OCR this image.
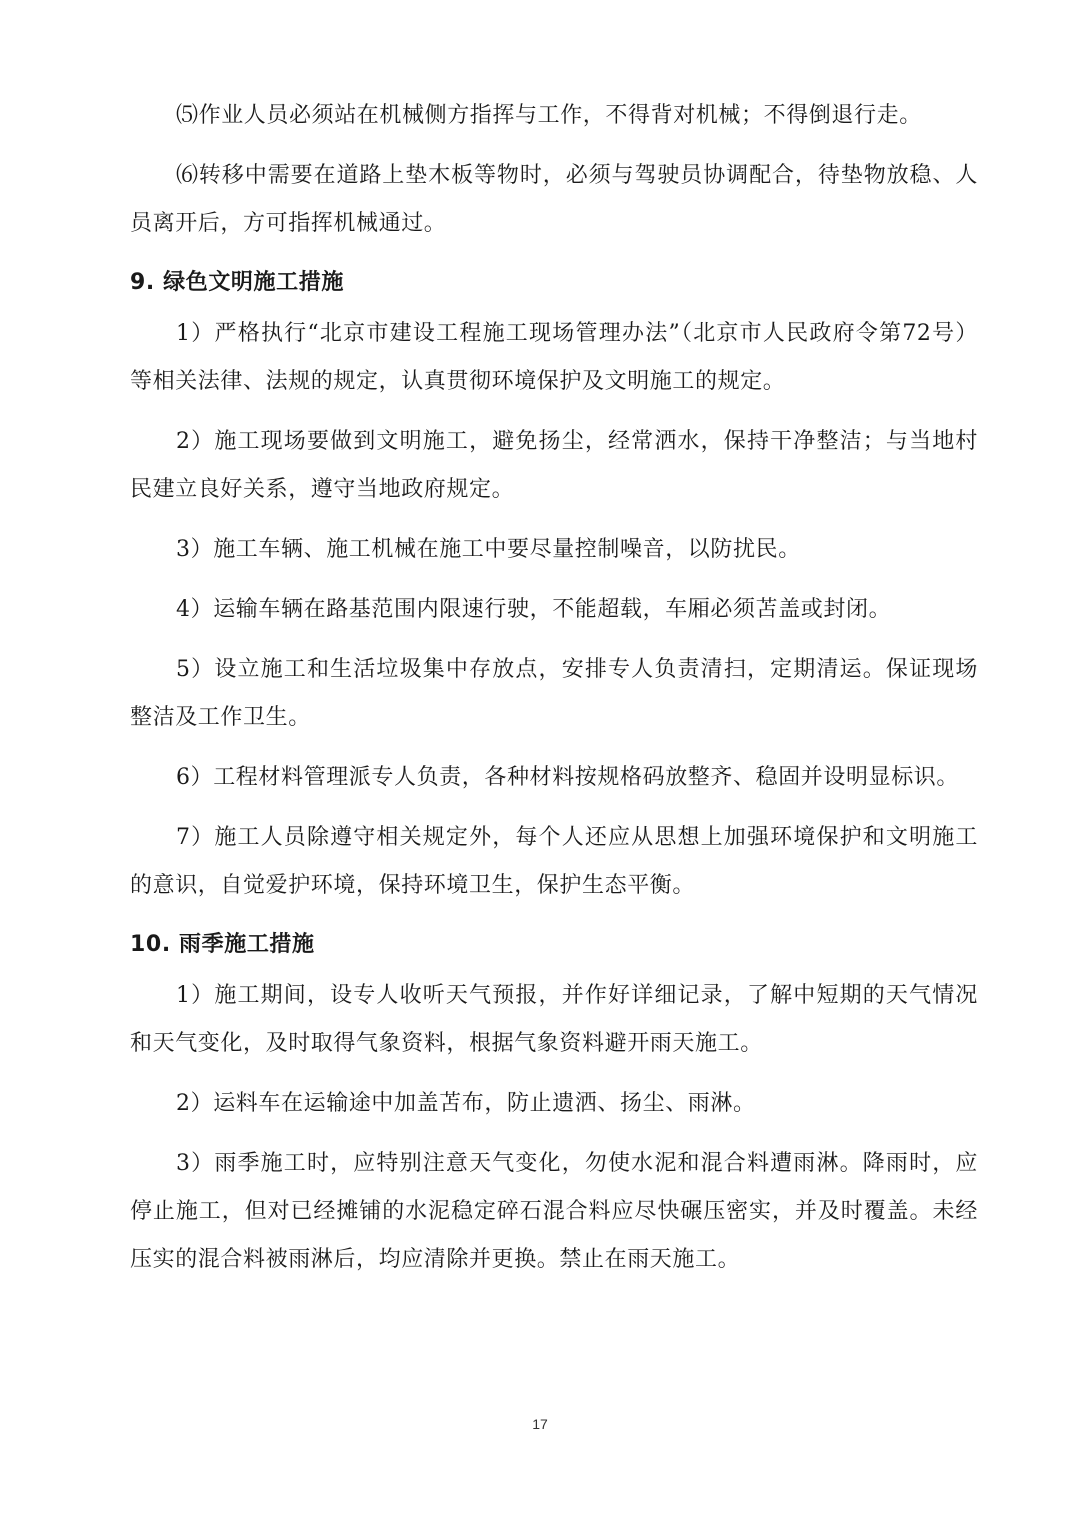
⑸作业人员必须站在机械侧方指挥与工作，不得背对机械；不得倒退行走。

⑹转移中需要在道路上垫木板等物时，必须与驾驶员协调配合，待垫物放稳、人员离开后，方可指挥机械通过。

9. 绿色文明施工措施

1）严格执行“北京市建设工程施工现场管理办法”（北京市人民政府令第72号）等相关法律、法规的规定，认真贯彻环境保护及文明施工的规定。

2）施工现场要做到文明施工，避免扬尘，经常洒水，保持干净整洁；与当地村民建立良好关系，遵守当地政府规定。

3）施工车辆、施工机械在施工中要尽量控制噪音，以防扰民。

4）运输车辆在路基范围内限速行驶，不能超载，车厢必须苫盖或封闭。

5）设立施工和生活垃圾集中存放点，安排专人负责清扫，定期清运。保证现场整洁及工作卫生。

6）工程材料管理派专人负责，各种材料按规格码放整齐、稳固并设明显标识。

7）施工人员除遵守相关规定外，每个人还应从思想上加强环境保护和文明施工的意识，自觉爱护环境，保持环境卫生，保护生态平衡。

10. 雨季施工措施

1）施工期间，设专人收听天气预报，并作好详细记录，了解中短期的天气情况和天气变化，及时取得气象资料，根据气象资料避开雨天施工。

2）运料车在运输途中加盖苫布，防止遗洒、扬尘、雨淋。

3）雨季施工时，应特别注意天气变化，勿使水泥和混合料遭雨淋。降雨时，应停止施工，但对已经摊铺的水泥稳定碎石混合料应尽快碾压密实，并及时覆盖。未经压实的混合料被雨淋后，均应清除并更换。禁止在雨天施工。

17
